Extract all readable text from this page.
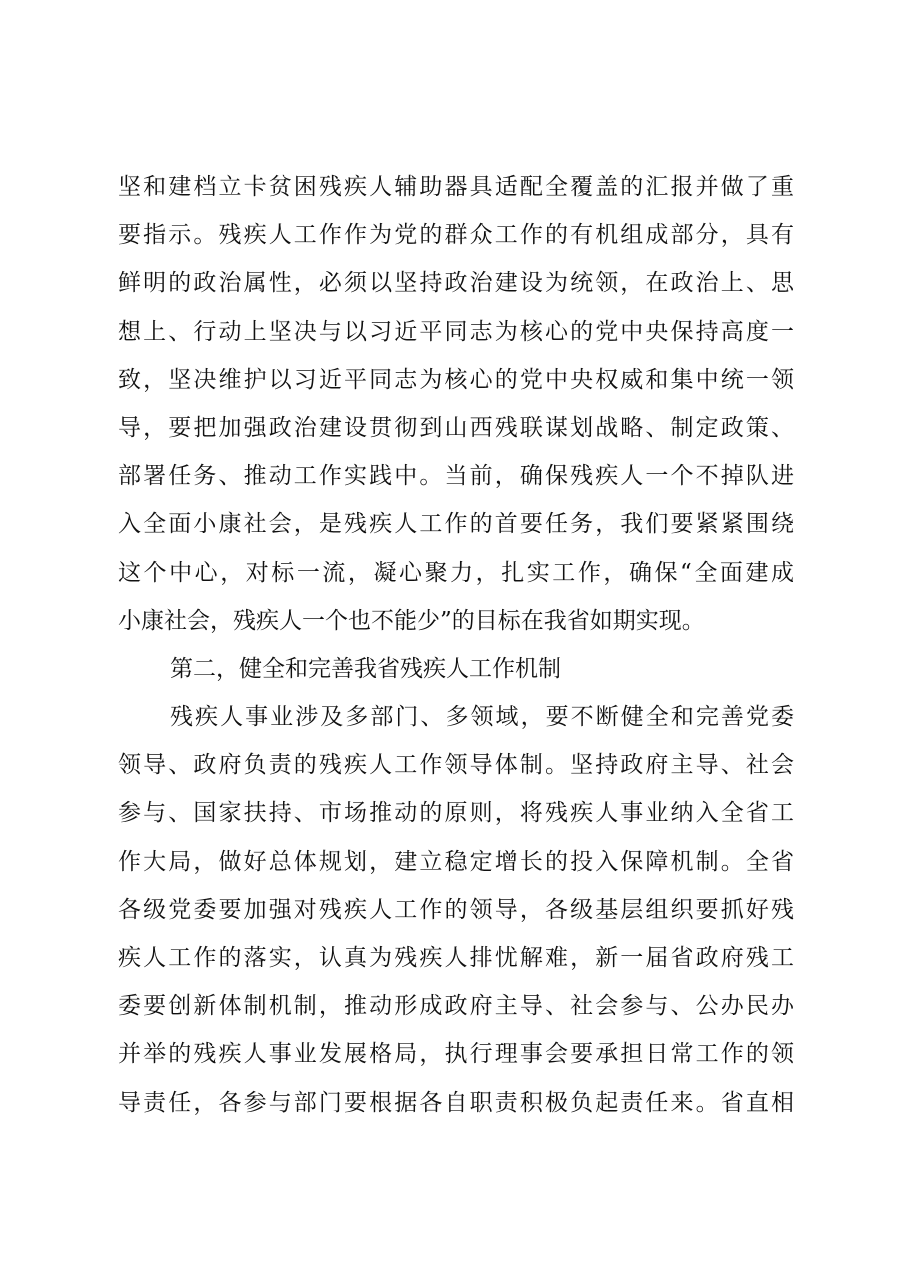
坚和建档立卡贫困残疾人辅助器具适配全覆盖的汇报并做了重
要指示。残疾人工作作为党的群众工作的有机组成部分，具有
鲜明的政治属性，必须以坚持政治建设为统领，在政治上、思
想上、行动上坚决与以习近平同志为核心的党中央保持高度一
致，坚决维护以习近平同志为核心的党中央权威和集中统一领
导，要把加强政治建设贯彻到山西残联谋划战略、制定政策、
部署任务、推动工作实践中。当前，确保残疾人一个不掉队进
入全面小康社会，是残疾人工作的首要任务，我们要紧紧围绕
这个中心，对标一流，凝心聚力，扎实工作，确保“全面建成
小康社会，残疾人一个也不能少”的目标在我省如期实现。
第二，健全和完善我省残疾人工作机制
残疾人事业涉及多部门、多领域，要不断健全和完善党委
领导、政府负责的残疾人工作领导体制。坚持政府主导、社会
参与、国家扶持、市场推动的原则，将残疾人事业纳入全省工
作大局，做好总体规划，建立稳定增长的投入保障机制。全省
各级党委要加强对残疾人工作的领导，各级基层组织要抓好残
疾人工作的落实，认真为残疾人排忧解难，新一届省政府残工
委要创新体制机制，推动形成政府主导、社会参与、公办民办
并举的残疾人事业发展格局，执行理事会要承担日常工作的领
导责任，各参与部门要根据各自职责积极负起责任来。省直相
